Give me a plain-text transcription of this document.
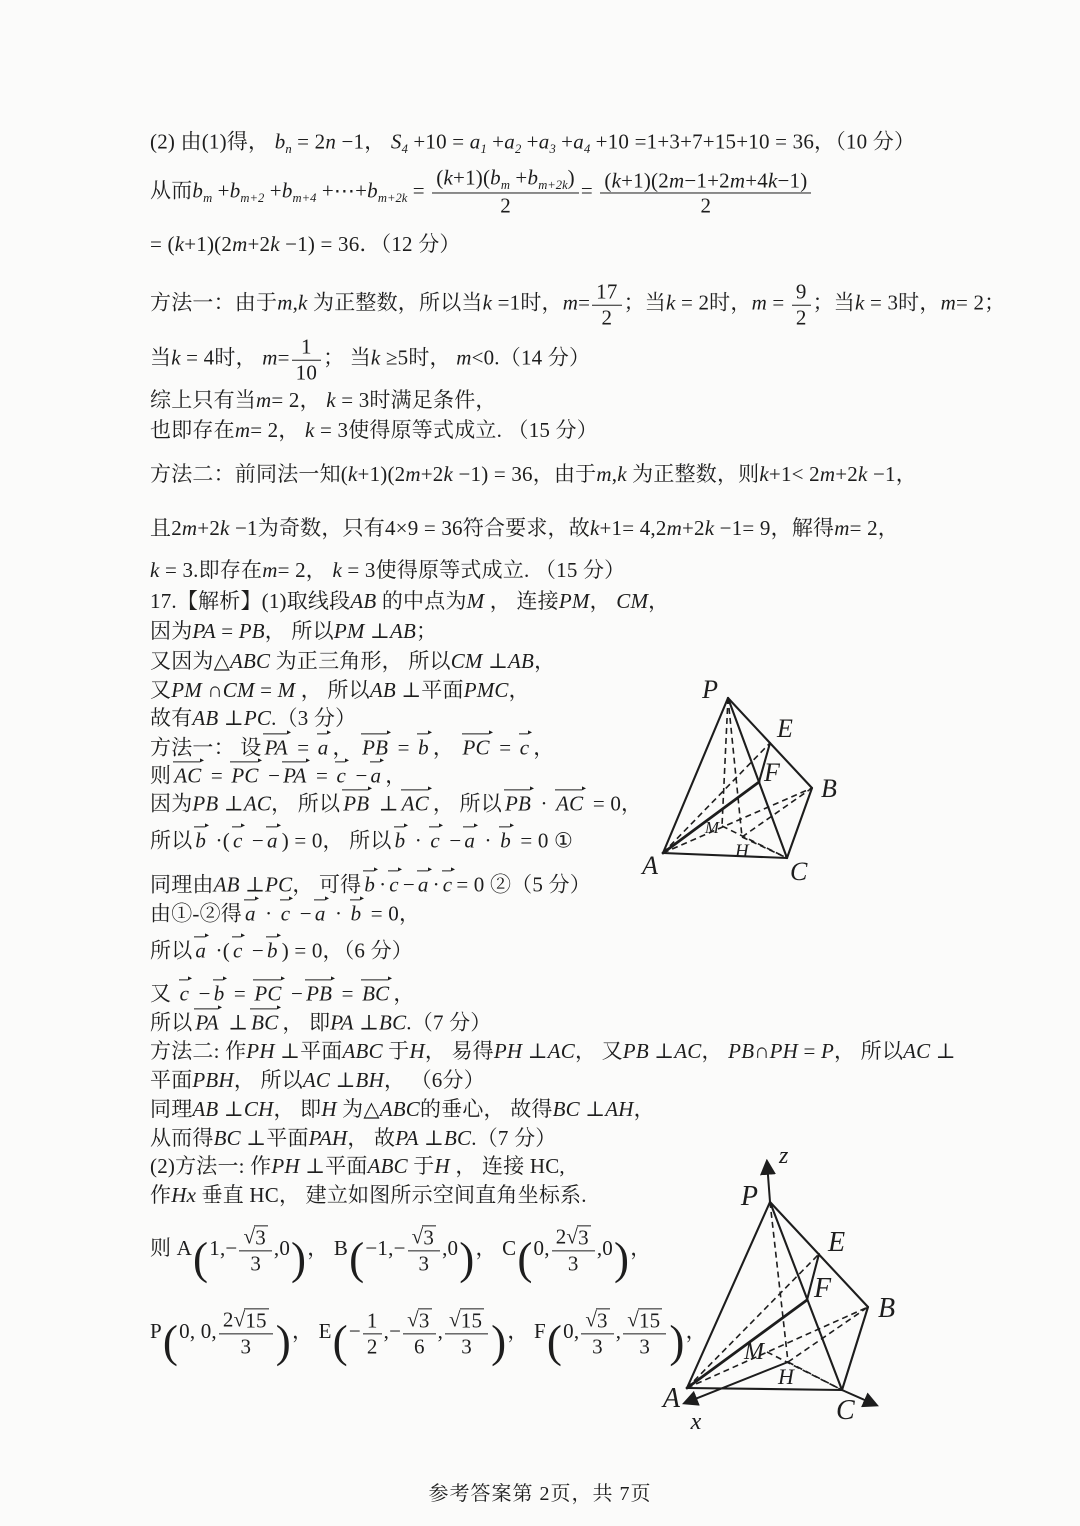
(2) 由(1)得， $b_n = 2n -1$， $S_4 +10 = a_1 +a_2 +a_3 +a_4 +10 =1+3+7+15+10 = 36$，（10 分）
从而$b_m +b_{m+2} +b_{m+4}$ $+\cdots+b_{m+2k} = \frac{(k+1)(b_m +b_{m+2k})}{2} = \frac{(k+1)(2m-1+2m+4k-1)}{2}$
= (k+1)(2m+2k −1) = 36．（12 分）
方法一：由于m,k 为正整数，所以当k =1时，$m= \frac{17}{2}$ ；当k = 2时，$m = \frac{9}{2}$ ；当k = 3时，m= 2；
当k = 4时， $m= \frac{1}{10}$ ； 当k ≥5时， m<0.（14 分）
综上只有当m= 2， k = 3时满足条件，
也即存在m= 2， k = 3使得原等式成立. （15 分）
方法二：前同法一知(k+1)(2m+2k −1) = 36，由于m,k 为正整数，则k+1< 2m+2k −1，
且2m+2k −1为奇数，只有4×9 = 36符合要求，故k+1= 4,2m+2k −1= 9，解得m= 2，
k = 3.即存在m= 2， k = 3使得原等式成立. （15 分）
17.【解析】(1)取线段AB 的中点为M ， 连接PM， CM，
因为PA = PB， 所以PM ⊥AB；
又因为△ABC 为正三角形， 所以CM ⊥AB，
又PM ∩CM = M ， 所以AB ⊥平面PMC，
故有AB ⊥PC.（3 分）
方法一： 设 PA = a ， PB = b ， PC = c ，
则 AC = PC − PA = c − a ，
因为PB ⊥AC， 所以 PB ⊥ AC ， 所以 PB · AC = 0，
所以 b ·( c − a ) = 0， 所以 b · c − a · b = 0 ①
同理由AB ⊥PC， 可得 b · c − a · c = 0 ②（5 分）
由①-②得 a · c − a · b = 0，
所以 a ·( c − b ) = 0，（6 分）
又 c − b = PC − PB = BC ，
所以 PA ⊥ BC ， 即PA ⊥BC.（7 分）
方法二: 作PH ⊥平面ABC 于H， 易得PH ⊥AC， 又PB ⊥AC， PB∩PH = P， 所以AC ⊥
平面PBH， 所以AC ⊥BH， （6分）
同理AB ⊥CH， 即H 为△ABC的垂心， 故得BC ⊥AH，
从而得BC ⊥平面PAH， 故PA ⊥BC.（7 分）
(2)方法一: 作PH ⊥平面ABC 于H ， 连接 HC,
作Hx 垂直 HC， 建立如图所示空间直角坐标系.
则 $A(1,- \frac{√ 3}{3} ,0)$， $B(-1,- \frac{√ 3}{3} ,0)$， C(0, $\frac{2 √ 3}{3} ,0$)，
P(0, 0, $\frac{2 √ 15}{3}$ )， $E(- \frac{1}{2}$ ,− $\frac{√ 3}{6}$ , $\frac{√ 15}{3}$ )， F(0, $\frac{√ 3}{3}$ , $\frac{√ 15}{3}$ )，
P
E
F
B
M
H
A	C
z
P
E
F
B
M
H
A	C
x
参考答案第 2页，共 7页
